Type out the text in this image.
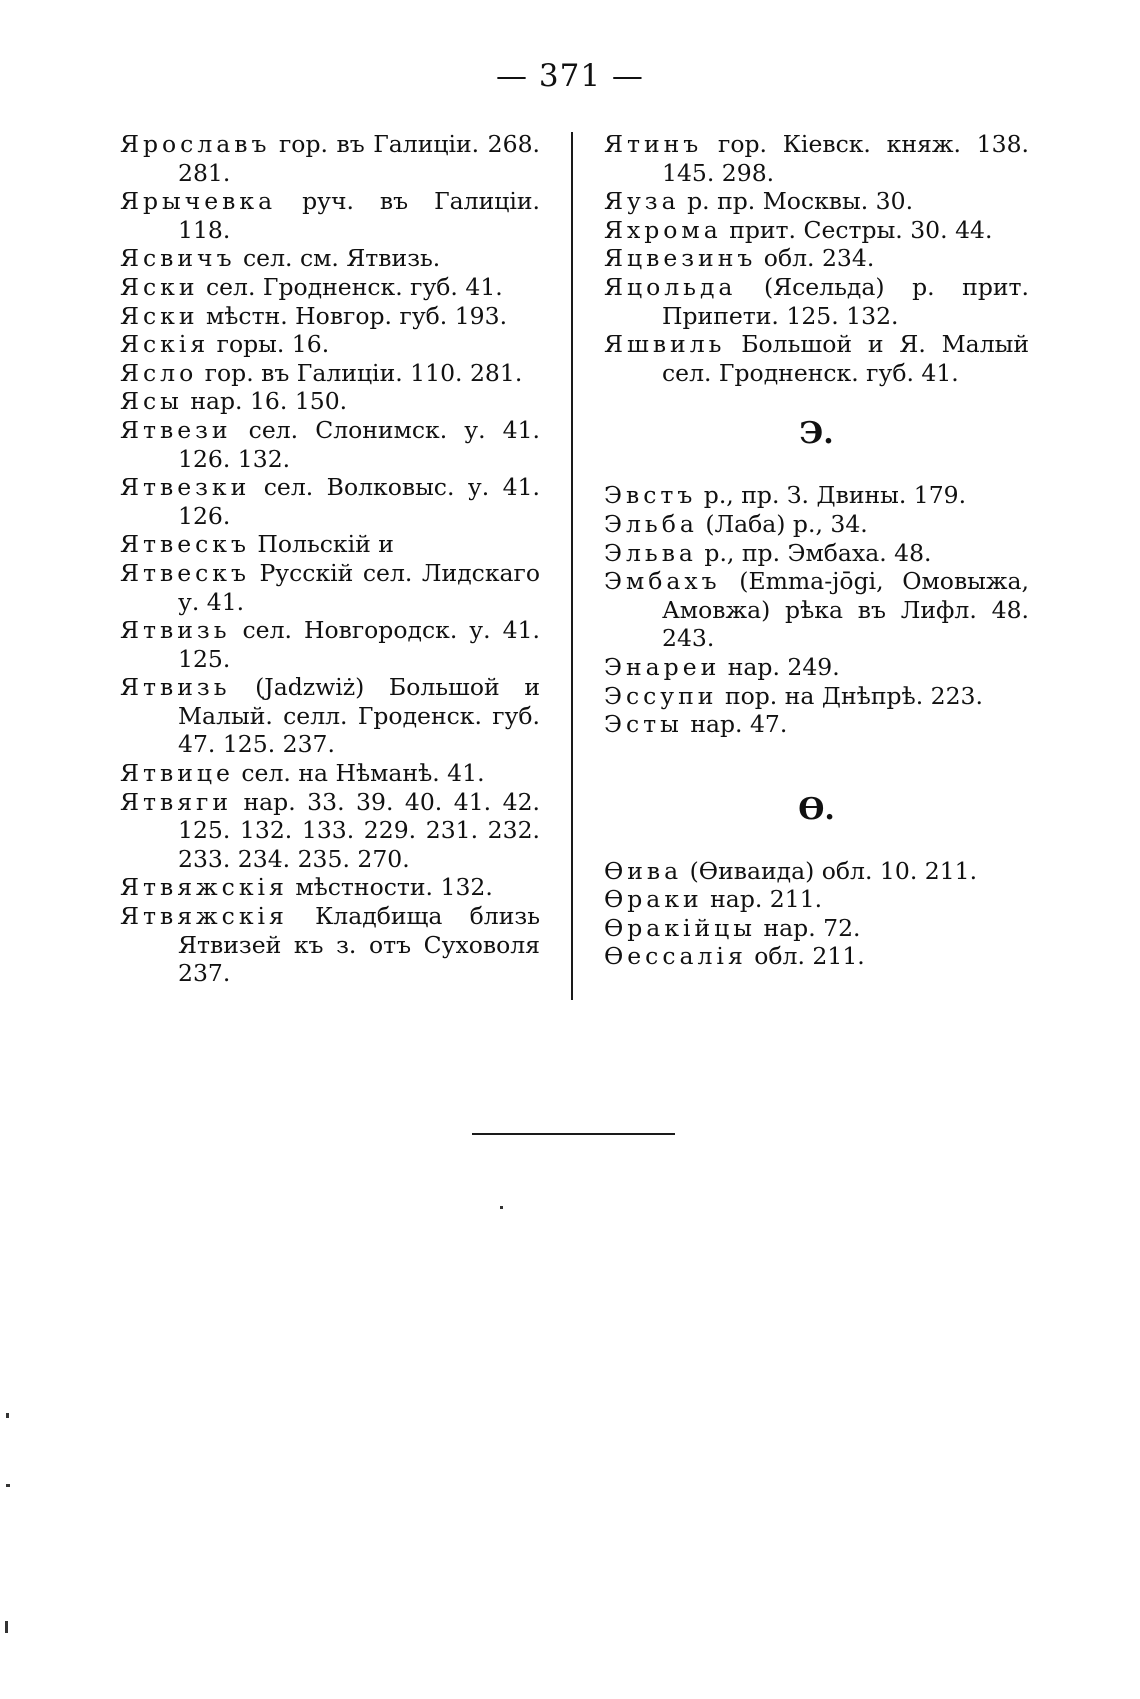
— 371 —
Ярославъ гор. въ Галиціи. 268. 281.
Ярычевка руч. въ Галиціи. 118.
Ясвичъ сел. см. Ятвизь.
Яски сел. Гродненск. губ. 41.
Яски мѣстн. Новгор. губ. 193.
Яскія горы. 16.
Ясло гор. въ Галиціи. 110. 281.
Ясы нар. 16. 150.
Ятвези сел. Слонимск. у. 41. 126. 132.
Ятвезки сел. Волковыс. у. 41. 126.
Ятвескъ Польскій и
Ятвескъ Русскій сел. Лидскаго у. 41.
Ятвизь сел. Новгородск. у. 41. 125.
Ятвизь (Jadzwiż) Большой и Малый. селл. Гроденск. губ. 47. 125. 237.
Ятвице сел. на Нѣманѣ. 41.
Ятвяги нар. 33. 39. 40. 41. 42. 125. 132. 133. 229. 231. 232. 233. 234. 235. 270.
Ятвяжскія мѣстности. 132.
Ятвяжскія Кладбища близь Ятвизей къ з. отъ Суховоля 237.
Ятинъ гор. Кіевск. княж. 138. 145. 298.
Яуза р. пр. Москвы. 30.
Яхрома прит. Сестры. 30. 44.
Яцвезинъ обл. 234.
Яцольда (Ясельда) р. прит. Припети. 125. 132.
Яшвиль Большой и Я. Малый сел. Гродненск. губ. 41.
Э.
Эвстъ р., пр. З. Двины. 179.
Эльба (Лаба) р., 34.
Эльва р., пр. Эмбаха. 48.
Эмбахъ (Emma-jōgi, Омовыжа, Амовжа) рѣка въ Лифл. 48. 243.
Энареи нар. 249.
Эссупи пор. на Днѣпрѣ. 223.
Эсты нар. 47.
Ѳ.
Ѳива (Ѳиваида) обл. 10. 211.
Ѳраки нар. 211.
Ѳракійцы нар. 72.
Ѳессалія обл. 211.
